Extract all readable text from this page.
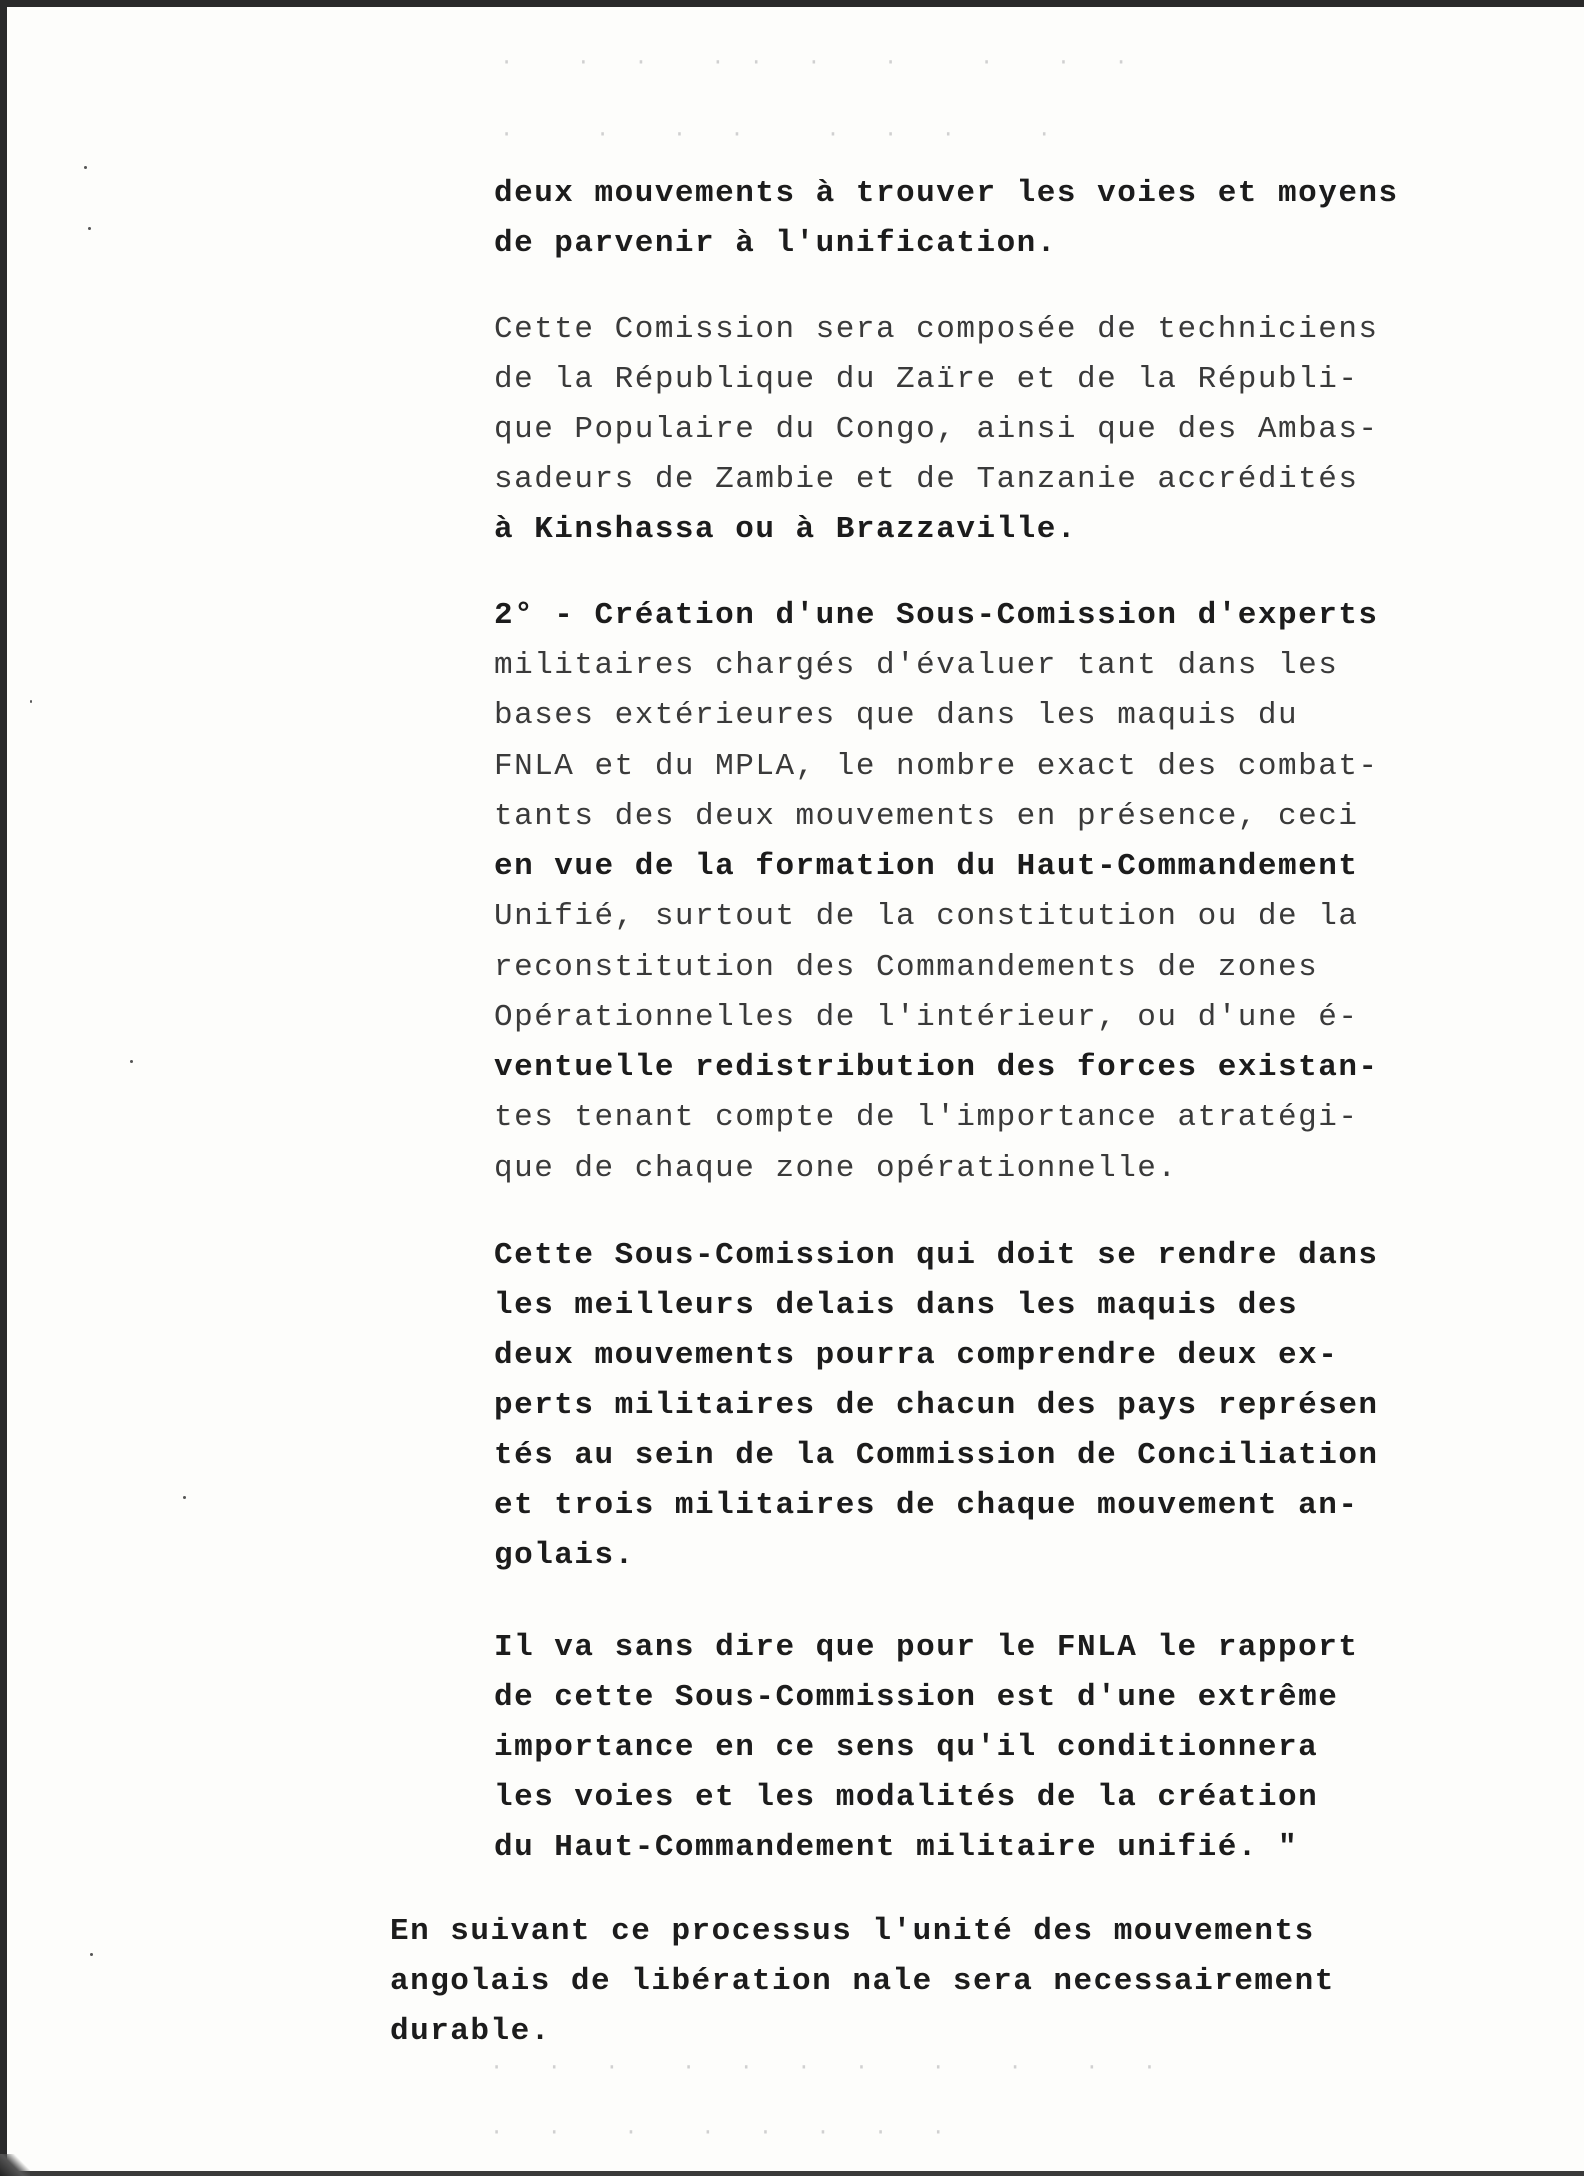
·   ·  ·   · ·  ·   ·    ·   ·  ·
·    ·   ·  ·    ·  ·  ·    ·
·  ·  ·   ·  ·  ·  ·   ·   ·   ·  ·
·  ·   ·   ·  ·  ·  ·  ·
deux mouvements à trouver les voies et moyens
de parvenir à l'unification.
Cette Comission sera composée de techniciens
de la République du Zaïre et de la Républi-
que Populaire du Congo, ainsi que des Ambas-
sadeurs de Zambie et de Tanzanie accrédités
à Kinshassa ou à Brazzaville.
2° - Création d'une Sous-Comission d'experts
militaires chargés d'évaluer tant dans les
bases extérieures que dans les maquis du
FNLA et du MPLA, le nombre exact des combat-
tants des deux mouvements en présence, ceci
en vue de la formation du Haut-Commandement
Unifié, surtout de la constitution ou de la
reconstitution des Commandements de zones
Opérationnelles de l'intérieur, ou d'une é-
ventuelle redistribution des forces existan-
tes tenant compte de l'importance atratégi-
que de chaque zone opérationnelle.
Cette Sous-Comission qui doit se rendre dans
les meilleurs delais dans les maquis des
deux mouvements pourra comprendre deux ex-
perts militaires de chacun des pays représen
tés au sein de la Commission de Conciliation
et trois militaires de chaque mouvement an-
golais.
Il va sans dire que pour le FNLA le rapport
de cette Sous-Commission est d'une extrême
importance en ce sens qu'il conditionnera
les voies et les modalités de la création
du Haut-Commandement militaire unifié. "
En suivant ce processus l'unité des mouvements
angolais de libération nale sera necessairement
durable.
